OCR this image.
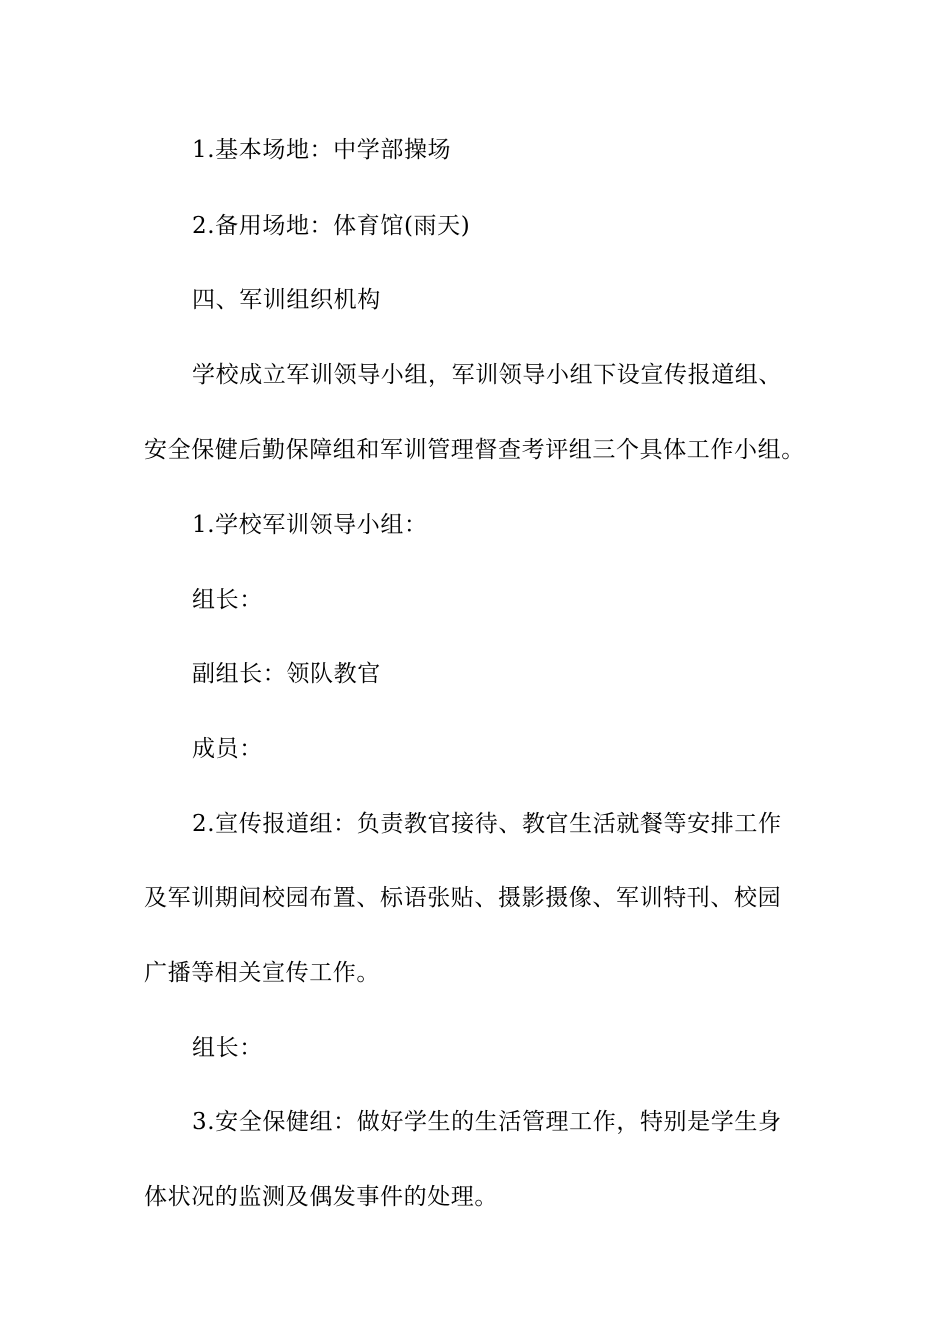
1.基本场地：中学部操场
2.备用场地：体育馆(雨天)
四、军训组织机构
学校成立军训领导小组，军训领导小组下设宣传报道组、
安全保健后勤保障组和军训管理督查考评组三个具体工作小组。
1.学校军训领导小组：
组长：
副组长：领队教官
成员：
2.宣传报道组：负责教官接待、教官生活就餐等安排工作
及军训期间校园布置、标语张贴、摄影摄像、军训特刊、校园
广播等相关宣传工作。
组长：
3.安全保健组：做好学生的生活管理工作，特别是学生身
体状况的监测及偶发事件的处理。
